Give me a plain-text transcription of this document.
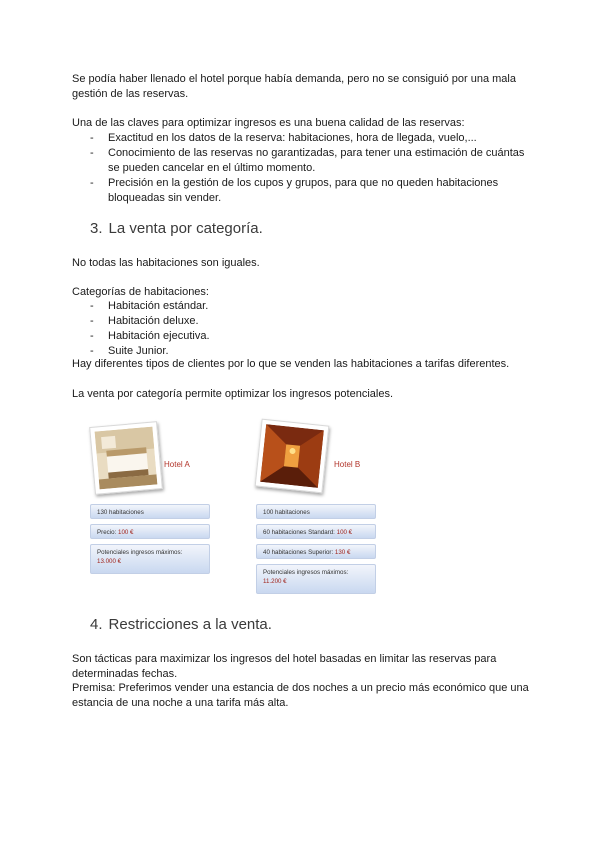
Se podía haber llenado el hotel porque había demanda, pero no se consiguió por una mala gestión de las reservas.

Una de las claves para optimizar ingresos es una buena calidad de las reservas:

- Exactitud en los datos de la reserva: habitaciones, hora de llegada, vuelo,...
- Conocimiento de las reservas no garantizadas, para tener una estimación de cuántas se pueden cancelar en el último momento.
- Precisión en la gestión de los cupos y grupos, para que no queden habitaciones bloqueadas sin vender.
3. La venta por categoría.

No todas las habitaciones son iguales.

Categorías de habitaciones:

- Habitación estándar.
- Habitación deluxe.
- Habitación ejecutiva.
- Suite Junior.

Hay diferentes tipos de clientes por lo que se venden las habitaciones a tarifas diferentes.

La venta por categoría permite optimizar los ingresos potenciales.

Hotel A
130 habitaciones
Precio: 100 €
Potenciales ingresos máximos:
13.000 €
Hotel B
100 habitaciones
60 habitaciones Standard: 100 €
40 habitaciones Superior: 130 €
Potenciales ingresos máximos:
11.200 €
4. Restricciones a la venta.

Son tácticas para maximizar los ingresos del hotel basadas en limitar las reservas para determinadas fechas.

Premisa: Preferimos vender una estancia de dos noches a un precio más económico que una estancia de una noche a una tarifa más alta.
